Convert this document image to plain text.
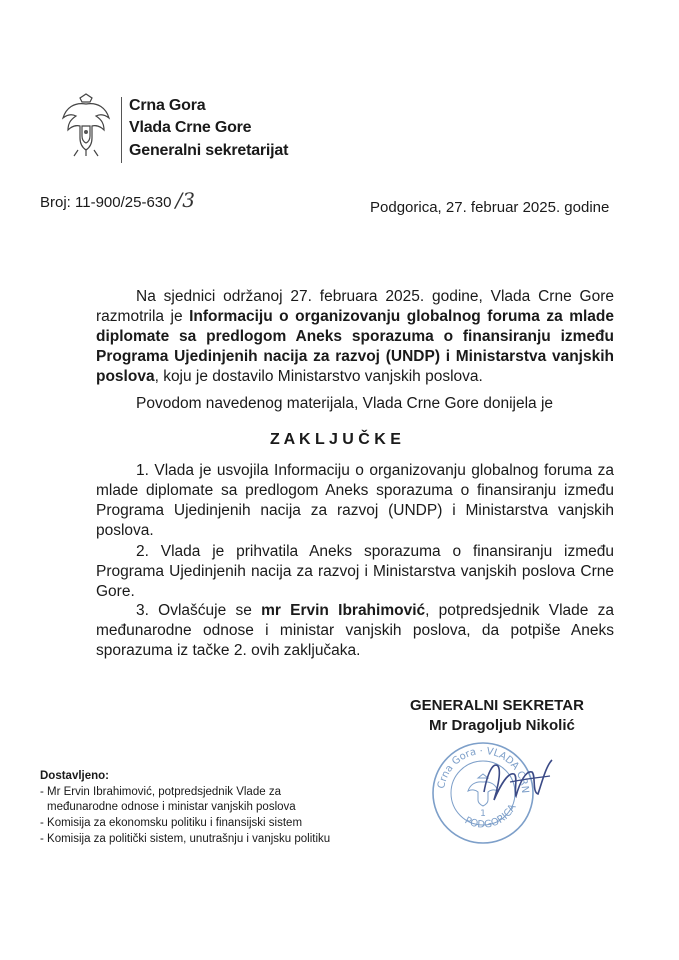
Crna Gora
Vlada Crne Gore
Generalni sekretarijat
Broj: 11-900/25-630 /3	Podgorica, 27. februar 2025. godine
Na sjednici održanoj 27. februara 2025. godine, Vlada Crne Gore razmotrila je Informaciju o organizovanju globalnog foruma za mlade diplomate sa predlogom Aneks sporazuma o finansiranju između Programa Ujedinjenih nacija za razvoj (UNDP) i Ministarstva vanjskih poslova, koju je dostavilo Ministarstvo vanjskih poslova.
Povodom navedenog materijala, Vlada Crne Gore donijela je
Z A K L J U Č K E
1. Vlada je usvojila Informaciju o organizovanju globalnog foruma za mlade diplomate sa predlogom Aneks sporazuma o finansiranju između Programa Ujedinjenih nacija za razvoj (UNDP) i Ministarstva vanjskih poslova.
2. Vlada je prihvatila Aneks sporazuma o finansiranju između Programa Ujedinjenih nacija za razvoj i Ministarstva vanjskih poslova Crne Gore.
3. Ovlašćuje se mr Ervin Ibrahimović, potpredsjednik Vlade za međunarodne odnose i ministar vanjskih poslova, da potpiše Aneks sporazuma iz tačke 2. ovih zaključaka.
GENERALNI SEKRETAR
Mr Dragoljub Nikolić
Crna Gora · VLADA CRN
PODGORICA
1
Dostavljeno:
- Mr Ervin Ibrahimović, potpredsjednik Vlade za
međunarodne odnose i ministar vanjskih poslova
- Komisija za ekonomsku politiku i finansijski sistem
- Komisija za politički sistem, unutrašnju i vanjsku politiku
